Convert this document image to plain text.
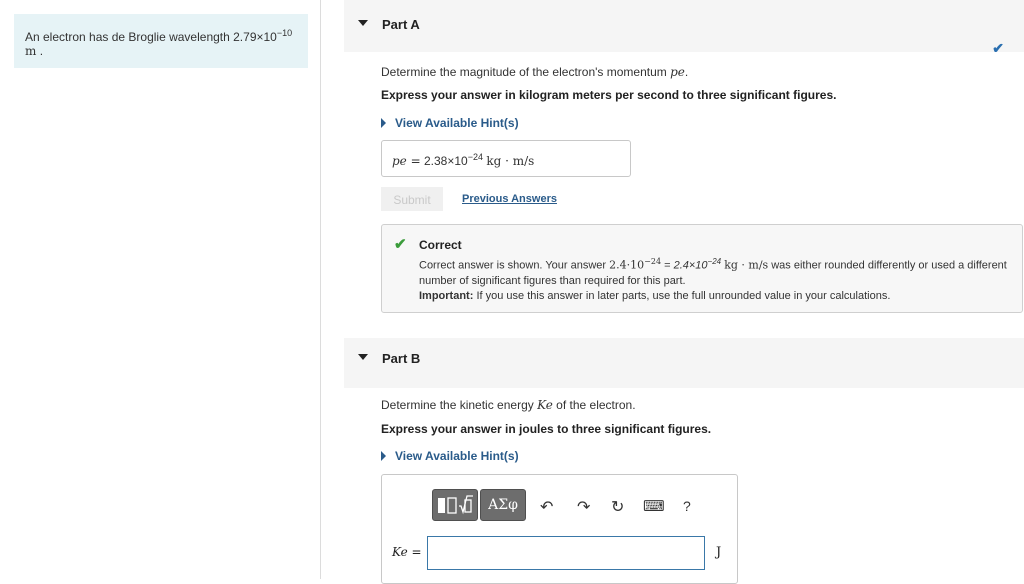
An electron has de Broglie wavelength $2.79\times 10^{-10}$
m .
Part A
✔
Determine the magnitude of the electron's momentum pe.
Express your answer in kilogram meters per second to three significant figures.
View Available Hint(s)
pe = $2.38\times 10^{-24}$ kg · m/s
Submit	Previous Answers
✔ Correct
Correct answer is shown. Your answer $2.4\cdot 10^{-24} = 2.4\times 10^{-24}$ kg · m/s was either rounded differently or used a different number of significant figures than required for this part.
Important: If you use this answer in later parts, use the full unrounded value in your calculations.
Part B
Determine the kinetic energy Ke of the electron.
Express your answer in joules to three significant figures.
View Available Hint(s)
ΑΣφ	↶ ↷ ↻ ⌨ ?
Ke =	J
